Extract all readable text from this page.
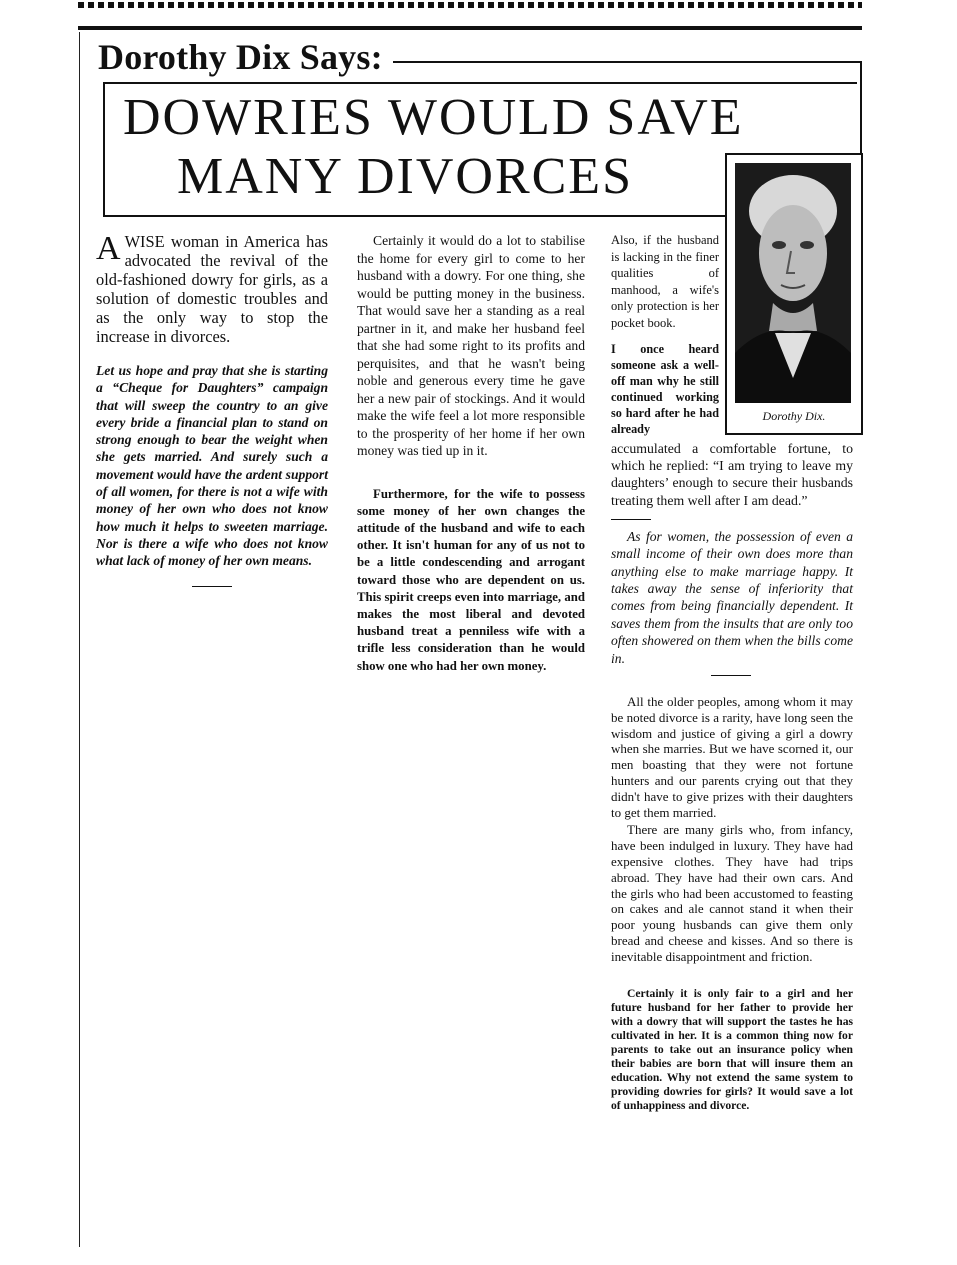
Dorothy Dix Says:
DOWRIES WOULD SAVE
MANY DIVORCES
Dorothy Dix.

AWISE woman in America has advocated the revival of the old-fashioned dowry for girls, as a solution of domestic troubles and as the only way to stop the increase in divorces.

Let us hope and pray that she is starting a “Cheque for Daughters” campaign that will sweep the country to an give every bride a financial plan to stand on strong enough to bear the weight when she gets married. And surely such a movement would have the ardent support of all women, for there is not a wife with money of her own who does not know how much it helps to sweeten marriage. Nor is there a wife who does not know what lack of money of her own means.

Certainly it would do a lot to stabilise the home for every girl to come to her husband with a dowry. For one thing, she would be putting money in the business. That would save her a standing as a real partner in it, and make her husband feel that she had some right to its profits and perquisites, and that he wasn't being noble and generous every time he gave her a new pair of stockings. And it would make the wife feel a lot more responsible to the prosperity of her home if her own money was tied up in it.

Furthermore, for the wife to possess some money of her own changes the attitude of the husband and wife to each other. It isn't human for any of us not to be a little condescending and arrogant toward those who are dependent on us. This spirit creeps even into marriage, and makes the most liberal and devoted husband treat a penniless wife with a trifle less consideration than he would show one who had her own money.

Also, if the husband is lacking in the finer qualities of manhood, a wife's only protection is her pocket book.

I once heard someone ask a well-off man why he still continued working so hard after he had already

accumulated a comfortable fortune, to which he replied: “I am trying to leave my daughters’ enough to secure their husbands treating them well after I am dead.”

As for women, the possession of even a small income of their own does more than anything else to make marriage happy. It takes away the sense of inferiority that comes from being financially dependent. It saves them from the insults that are only too often showered on them when the bills come in.

All the older peoples, among whom it may be noted divorce is a rarity, have long seen the wisdom and justice of giving a girl a dowry when she marries. But we have scorned it, our men boasting that they were not fortune hunters and our parents crying out that they didn't have to give prizes with their daughters to get them married.

There are many girls who, from infancy, have been indulged in luxury. They have had expensive clothes. They have had trips abroad. They have had their own cars. And the girls who had been accustomed to feasting on cakes and ale cannot stand it when their poor young husbands can give them only bread and cheese and kisses. And so there is inevitable disappointment and friction.

Certainly it is only fair to a girl and her future husband for her father to provide her with a dowry that will support the tastes he has cultivated in her. It is a common thing now for parents to take out an insurance policy when their babies are born that will insure them an education. Why not extend the same system to providing dowries for girls? It would save a lot of unhappiness and divorce.
